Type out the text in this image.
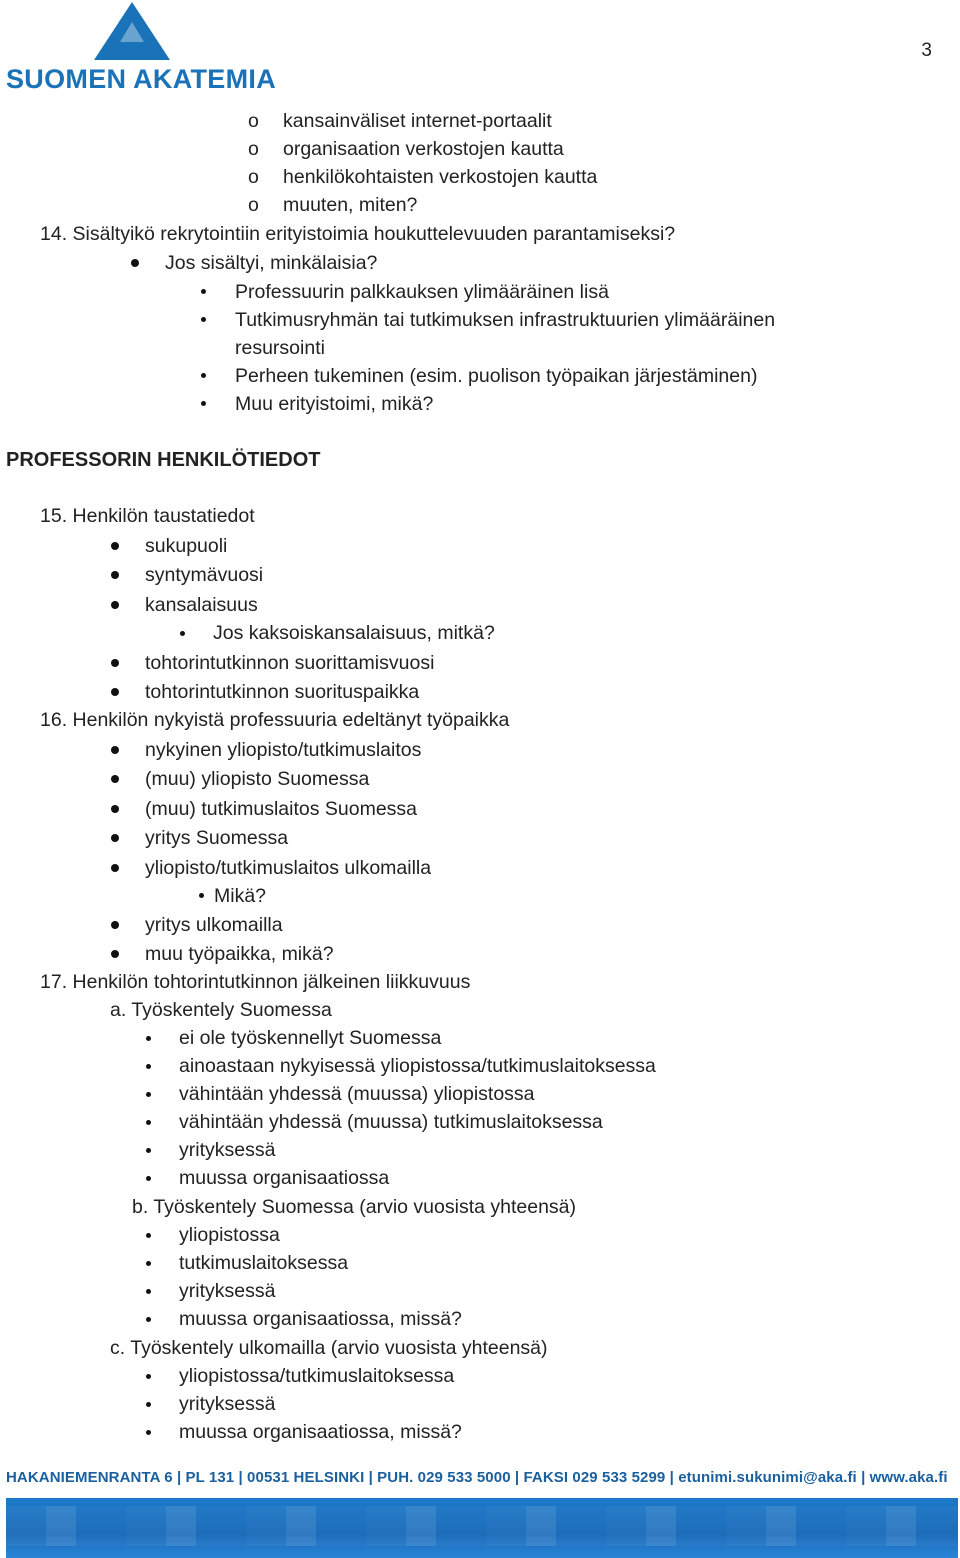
SUOMEN AKATEMIA
3
o kansainväliset internet-portaalit
o organisaation verkostojen kautta
o henkilökohtaisten verkostojen kautta
o muuten, miten?
14. Sisältyikö rekrytointiin erityistoimia houkuttelevuuden parantamiseksi?
Jos sisältyi, minkälaisia?
Professuurin palkkauksen ylimääräinen lisä
Tutkimusryhmän tai tutkimuksen infrastruktuurien ylimääräinen
resursointi
Perheen tukeminen (esim. puolison työpaikan järjestäminen)
Muu erityistoimi, mikä?
PROFESSORIN HENKILÖTIEDOT
15. Henkilön taustatiedot
sukupuoli
syntymävuosi
kansalaisuus
Jos kaksoiskansalaisuus, mitkä?
tohtorintutkinnon suorittamisvuosi
tohtorintutkinnon suorituspaikka
16. Henkilön nykyistä professuuria edeltänyt työpaikka
nykyinen yliopisto/tutkimuslaitos
(muu) yliopisto Suomessa
(muu) tutkimuslaitos Suomessa
yritys Suomessa
yliopisto/tutkimuslaitos ulkomailla
Mikä?
yritys ulkomailla
muu työpaikka, mikä?
17. Henkilön tohtorintutkinnon jälkeinen liikkuvuus
a. Työskentely Suomessa
ei ole työskennellyt Suomessa
ainoastaan nykyisessä yliopistossa/tutkimuslaitoksessa
vähintään yhdessä (muussa) yliopistossa
vähintään yhdessä (muussa) tutkimuslaitoksessa
yrityksessä
muussa organisaatiossa
b. Työskentely Suomessa (arvio vuosista yhteensä)
yliopistossa
tutkimuslaitoksessa
yrityksessä
muussa organisaatiossa, missä?
c. Työskentely ulkomailla (arvio vuosista yhteensä)
yliopistossa/tutkimuslaitoksessa
yrityksessä
muussa organisaatiossa, missä?
HAKANIEMENRANTA 6 | PL 131 | 00531 HELSINKI | PUH. 029 533 5000 | FAKSI 029 533 5299 | etunimi.sukunimi@aka.fi | www.aka.fi
